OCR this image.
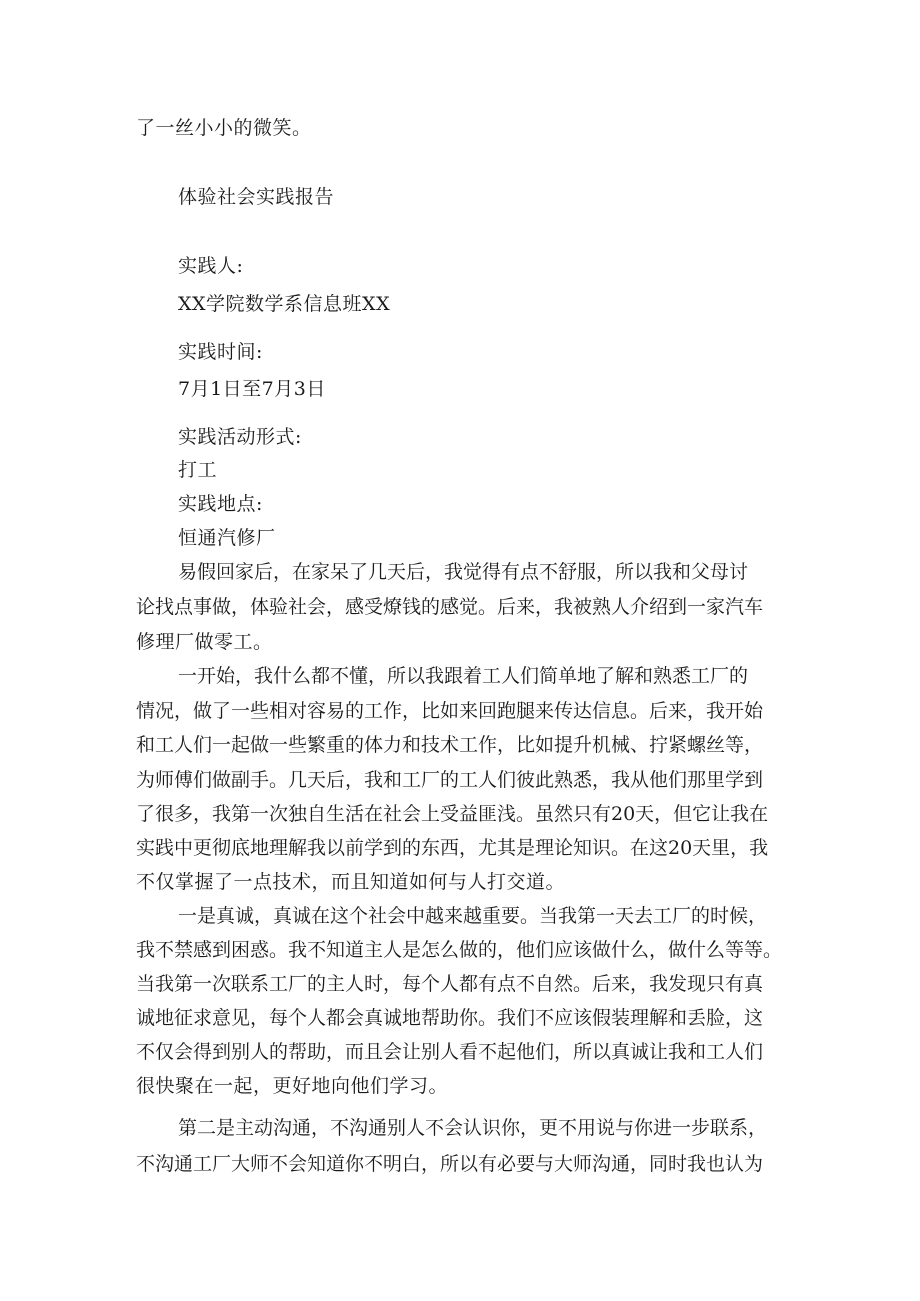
了一丝小小的微笑。
体验社会实践报告
实践人:
XX学院数学系信息班XX
实践时间:
7月1日至7月3日
实践活动形式:
打工
实践地点:
恒通汽修厂
易假回家后，在家呆了几天后，我觉得有点不舒服，所以我和父母讨
论找点事做，体验社会，感受燎钱的感觉。后来，我被熟人介绍到一家汽车
修理厂做零工。
一开始，我什么都不懂，所以我跟着工人们简单地了解和熟悉工厂的
情况，做了一些相对容易的工作，比如来回跑腿来传达信息。后来，我开始
和工人们一起做一些繁重的体力和技术工作，比如提升机械、拧紧螺丝等，
为师傅们做副手。几天后，我和工厂的工人们彼此熟悉，我从他们那里学到
了很多，我第一次独自生活在社会上受益匪浅。虽然只有20天，但它让我在
实践中更彻底地理解我以前学到的东西，尤其是理论知识。在这20天里，我
不仅掌握了一点技术，而且知道如何与人打交道。
一是真诚，真诚在这个社会中越来越重要。当我第一天去工厂的时候，
我不禁感到困惑。我不知道主人是怎么做的，他们应该做什么，做什么等等。
当我第一次联系工厂的主人时，每个人都有点不自然。后来，我发现只有真
诚地征求意见，每个人都会真诚地帮助你。我们不应该假装理解和丢脸，这
不仅会得到别人的帮助，而且会让别人看不起他们，所以真诚让我和工人们
很快聚在一起，更好地向他们学习。
第二是主动沟通，不沟通别人不会认识你，更不用说与你进一步联系，
不沟通工厂大师不会知道你不明白，所以有必要与大师沟通，同时我也认为
